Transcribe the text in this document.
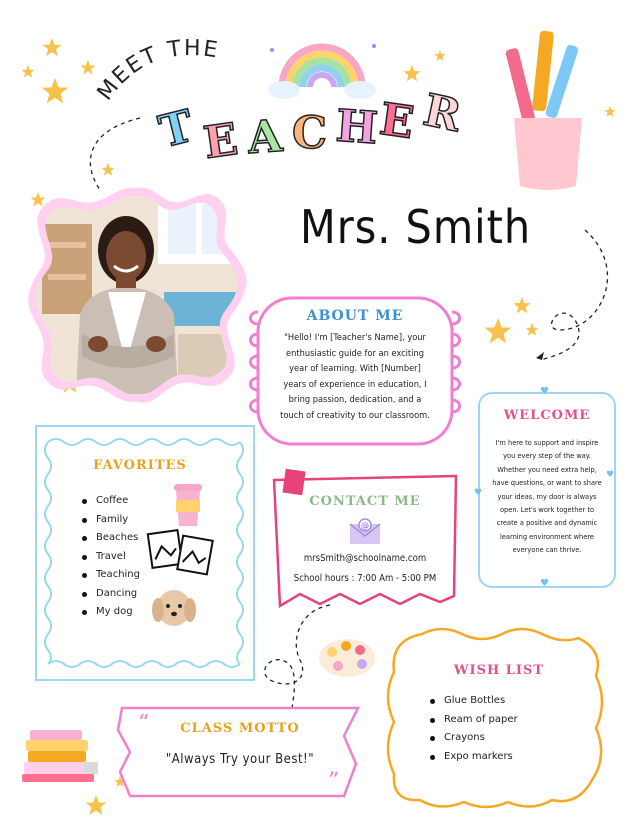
MEET THE
T E A C H
E R
Mrs. Smith
ABOUT ME
"Hello! I'm [Teacher's Name], your enthusiastic guide for an exciting year of learning. With [Number] years of experience in education, I bring passion, dedication, and a touch of creativity to our classroom.
♥
♥
♥
♥
WELCOME
I'm here to support and inspire you every step of the way. Whether you need extra help, have questions, or want to share your ideas, my door is always open. Let's work together to create a positive and dynamic learning environment where everyone can thrive.
FAVORITES
Coffee
Family
Beaches
Travel
Teaching
Dancing
My dog
CONTACT ME
@
mrsSmith@schoolname.com
School hours : 7:00 Am - 5:00 PM
WISH LIST
Glue Bottles
Ream of paper
Crayons
Expo markers
“
”
CLASS MOTTO
"Always Try your Best!"
